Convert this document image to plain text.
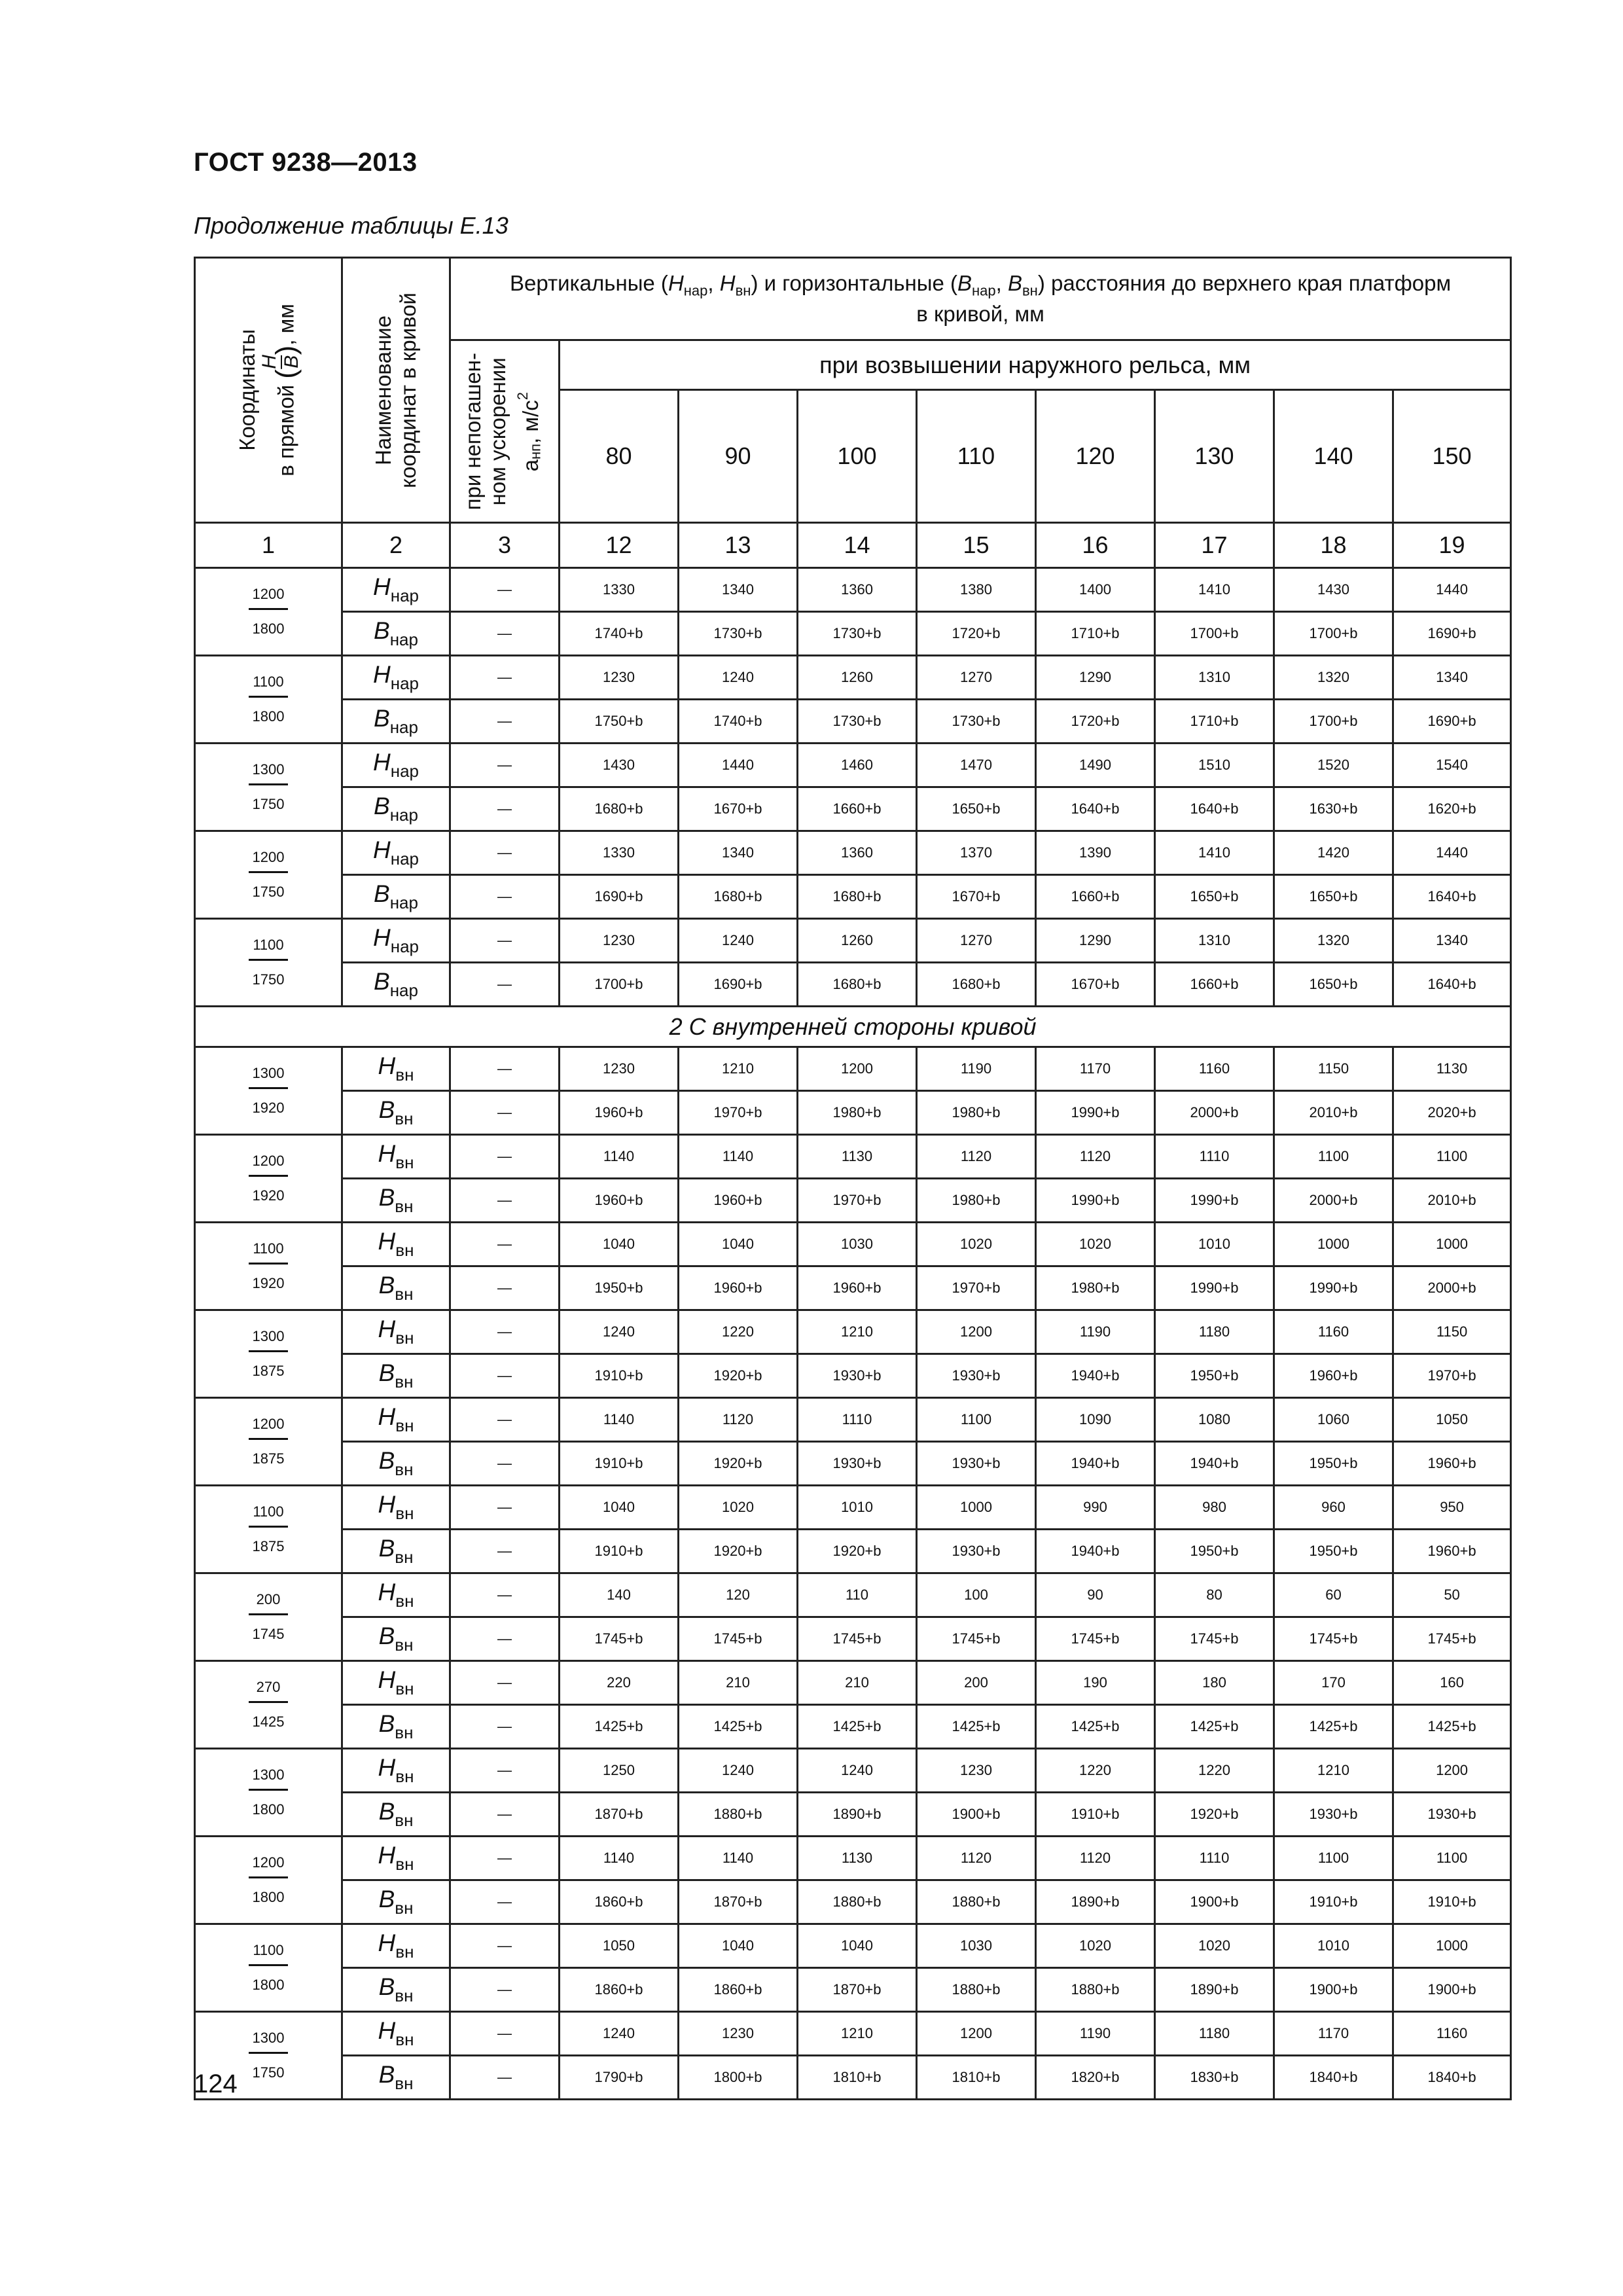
ГОСТ 9238—2013
Продолжение таблицы Е.13
Координаты в прямой (
H B
), мм	Наименование координат в кривой	Вертикальные ($H_{нар}$, $H_{вн}$) и горизонтальные ($B_{нар}$, $B_{вн}$) расстояния до верхнего края платформ
в кривой, мм								

		при непогашен- ном ускорении $а_{нп}$, $м/с^2$	при возвышении наружного рельса, мм							
			80	90	100	110	120	130	140	150
1	2	3	12	13	14	15	16	17	18	19

$\frac{1200}{1800}$	Hнар	—	1330	1340	1360	1380	1400	1410	1430	1440
	Bнар	—	1740+b	1730+b	1730+b	1720+b	1710+b	1700+b	1700+b	1690+b

$\frac{1100}{1800}$	Hнар	—	1230	1240	1260	1270	1290	1310	1320	1340
	Bнар	—	1750+b	1740+b	1730+b	1730+b	1720+b	1710+b	1700+b	1690+b

$\frac{1300}{1750}$	Hнар	—	1430	1440	1460	1470	1490	1510	1520	1540
	Bнар	—	1680+b	1670+b	1660+b	1650+b	1640+b	1640+b	1630+b	1620+b

$\frac{1200}{1750}$	Hнар	—	1330	1340	1360	1370	1390	1410	1420	1440
	Bнар	—	1690+b	1680+b	1680+b	1670+b	1660+b	1650+b	1650+b	1640+b

$\frac{1100}{1750}$	Hнар	—	1230	1240	1260	1270	1290	1310	1320	1340
	Bнар	—	1700+b	1690+b	1680+b	1680+b	1670+b	1660+b	1650+b	1640+b
2 С внутренней стороны кривой										

$\frac{1300}{1920}$	Hвн	—	1230	1210	1200	1190	1170	1160	1150	1130
	Bвн	—	1960+b	1970+b	1980+b	1980+b	1990+b	2000+b	2010+b	2020+b

$\frac{1200}{1920}$	Hвн	—	1140	1140	1130	1120	1120	1110	1100	1100
	Bвн	—	1960+b	1960+b	1970+b	1980+b	1990+b	1990+b	2000+b	2010+b

$\frac{1100}{1920}$	Hвн	—	1040	1040	1030	1020	1020	1010	1000	1000
	Bвн	—	1950+b	1960+b	1960+b	1970+b	1980+b	1990+b	1990+b	2000+b

$\frac{1300}{1875}$	Hвн	—	1240	1220	1210	1200	1190	1180	1160	1150
	Bвн	—	1910+b	1920+b	1930+b	1930+b	1940+b	1950+b	1960+b	1970+b

$\frac{1200}{1875}$	Hвн	—	1140	1120	1110	1100	1090	1080	1060	1050
	Bвн	—	1910+b	1920+b	1930+b	1930+b	1940+b	1940+b	1950+b	1960+b

$\frac{1100}{1875}$	Hвн	—	1040	1020	1010	1000	990	980	960	950
	Bвн	—	1910+b	1920+b	1920+b	1930+b	1940+b	1950+b	1950+b	1960+b

$\frac{200}{1745}$	Hвн	—	140	120	110	100	90	80	60	50
	Bвн	—	1745+b	1745+b	1745+b	1745+b	1745+b	1745+b	1745+b	1745+b

$\frac{270}{1425}$	Hвн	—	220	210	210	200	190	180	170	160
	Bвн	—	1425+b	1425+b	1425+b	1425+b	1425+b	1425+b	1425+b	1425+b

$\frac{1300}{1800}$	Hвн	—	1250	1240	1240	1230	1220	1220	1210	1200
	Bвн	—	1870+b	1880+b	1890+b	1900+b	1910+b	1920+b	1930+b	1930+b

$\frac{1200}{1800}$	Hвн	—	1140	1140	1130	1120	1120	1110	1100	1100
	Bвн	—	1860+b	1870+b	1880+b	1880+b	1890+b	1900+b	1910+b	1910+b

$\frac{1100}{1800}$	Hвн	—	1050	1040	1040	1030	1020	1020	1010	1000
	Bвн	—	1860+b	1860+b	1870+b	1880+b	1880+b	1890+b	1900+b	1900+b

$\frac{1300}{1750}$	Hвн	—	1240	1230	1210	1200	1190	1180	1170	1160
	Bвн	—	1790+b	1800+b	1810+b	1810+b	1820+b	1830+b	1840+b	1840+b
124
